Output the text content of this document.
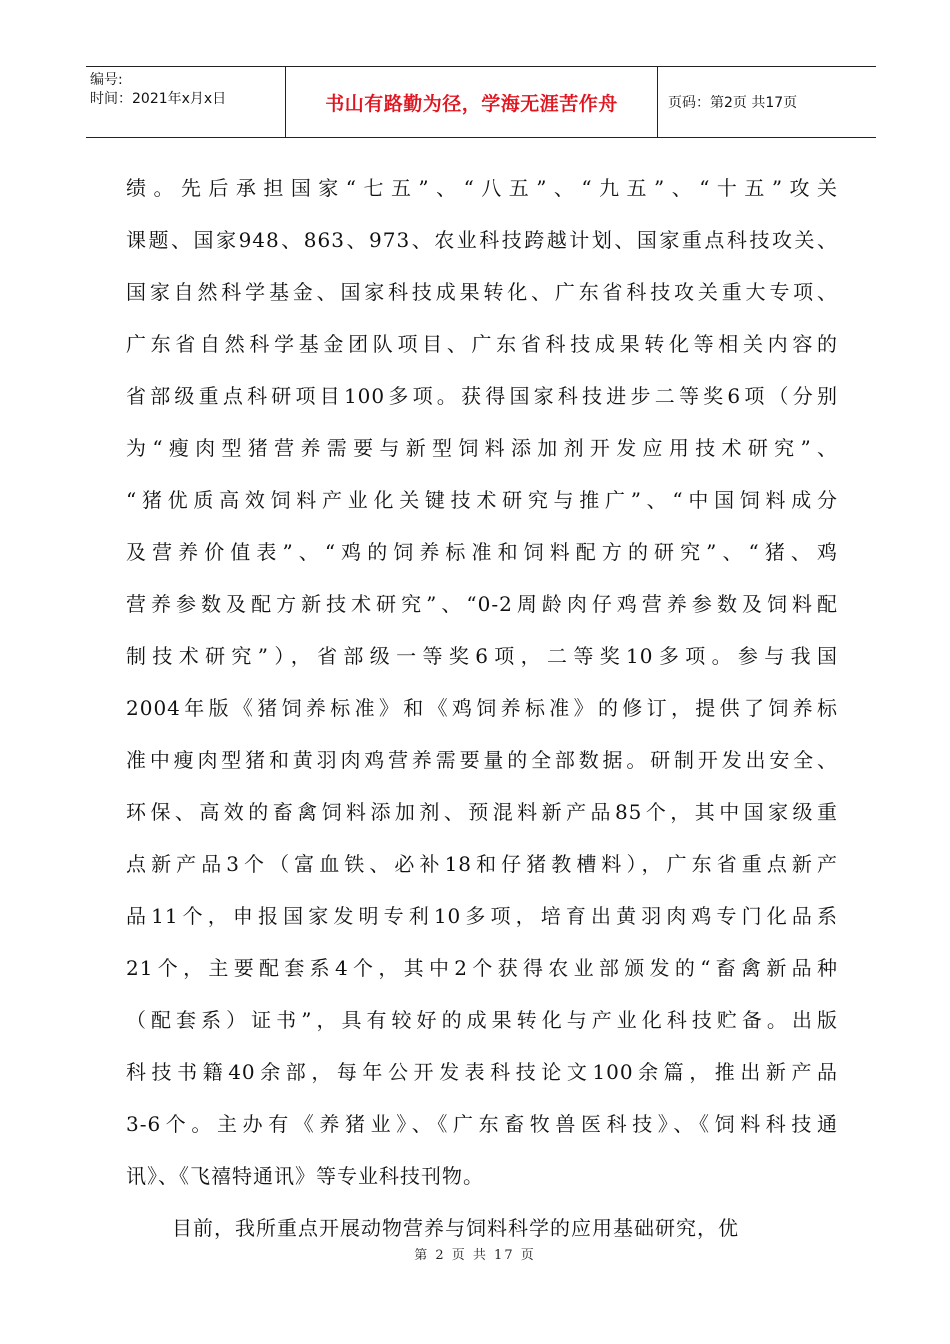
编号:
时间：2021年x月x日	书山有路勤为径，学海无涯苦作舟	页码：第2页 共17页
绩。先后承担国家“七五”、“八五”、“九五”、“十五”攻关
课题、国家948、863、973、农业科技跨越计划、国家重点科技攻关、
国家自然科学基金、国家科技成果转化、广东省科技攻关重大专项、
广东省自然科学基金团队项目、广东省科技成果转化等相关内容的
省部级重点科研项目100多项。获得国家科技进步二等奖6项（分别
为“瘦肉型猪营养需要与新型饲料添加剂开发应用技术研究”、
“猪优质高效饲料产业化关键技术研究与推广”、“中国饲料成分
及营养价值表”、“鸡的饲养标准和饲料配方的研究”、“猪、鸡
营养参数及配方新技术研究”、“0-2周龄肉仔鸡营养参数及饲料配
制技术研究”），省部级一等奖6项，二等奖10多项。参与我国
2004年版《猪饲养标准》和《鸡饲养标准》的修订，提供了饲养标
准中瘦肉型猪和黄羽肉鸡营养需要量的全部数据。研制开发出安全、
环保、高效的畜禽饲料添加剂、预混料新产品85个，其中国家级重
点新产品3个（富血铁、必补18和仔猪教槽料），广东省重点新产
品11个，申报国家发明专利10多项，培育出黄羽肉鸡专门化品系
21个，主要配套系4个，其中2个获得农业部颁发的“畜禽新品种
（配套系）证书”，具有较好的成果转化与产业化科技贮备。出版
科技书籍40余部，每年公开发表科技论文100余篇，推出新产品
3-6个。主办有《养猪业》、《广东畜牧兽医科技》、《饲料科技通
讯》、《飞禧特通讯》等专业科技刊物。
目前，我所重点开展动物营养与饲料科学的应用基础研究，优
第 2 页 共 17 页
